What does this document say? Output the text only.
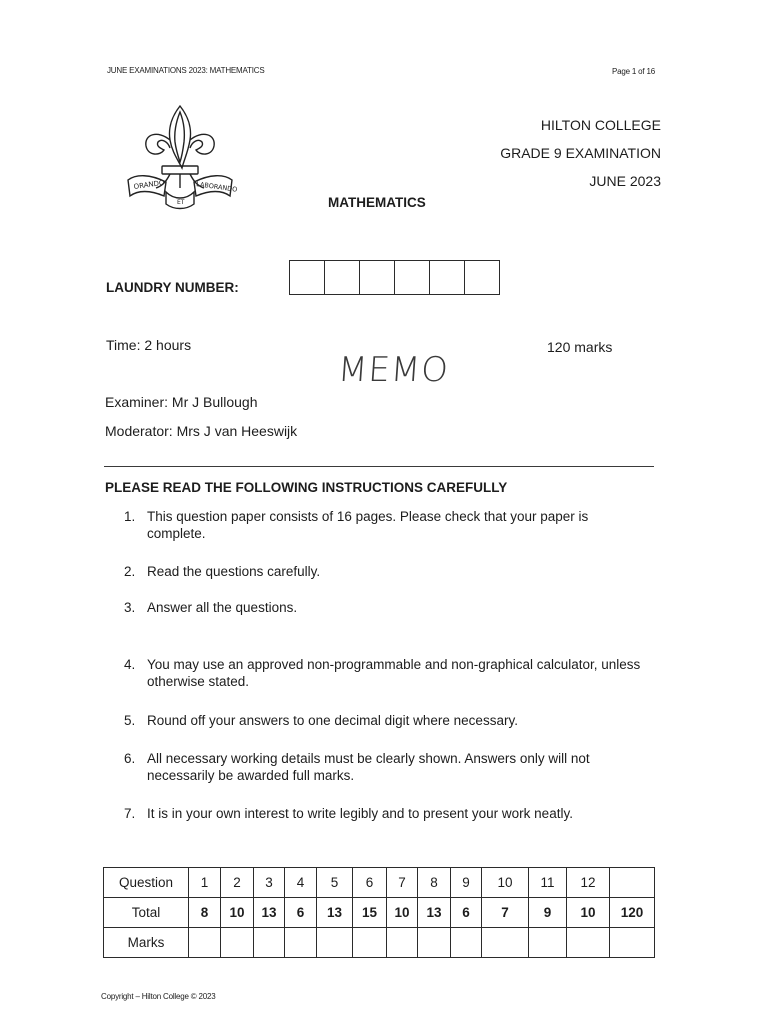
JUNE EXAMINATIONS 2023: MATHEMATICS	Page 1 of 16
ORANDO
ET
LABORANDO
HILTON COLLEGE
GRADE 9 EXAMINATION
JUNE 2023
MATHEMATICS
LAUNDRY NUMBER:
Time: 2 hours	120 marks
MEMO
Examiner: Mr J Bullough
Moderator: Mrs J van Heeswijk
PLEASE READ THE FOLLOWING INSTRUCTIONS CAREFULLY
1. This question paper consists of 16 pages. Please check that your paper is complete.
2. Read the questions carefully.
3. Answer all the questions.
4. You may use an approved non-programmable and non-graphical calculator, unless otherwise stated.
5. Round off your answers to one decimal digit where necessary.
6. All necessary working details must be clearly shown. Answers only will not necessarily be awarded full marks.
7. It is in your own interest to write legibly and to present your work neatly.
Question	1	2	3	4	5	6	7	8	9	10	11	12	
Total	8	10	13	6	13	15	10	13	6	7	9	10	120
Marks													
Copyright – Hilton College © 2023
